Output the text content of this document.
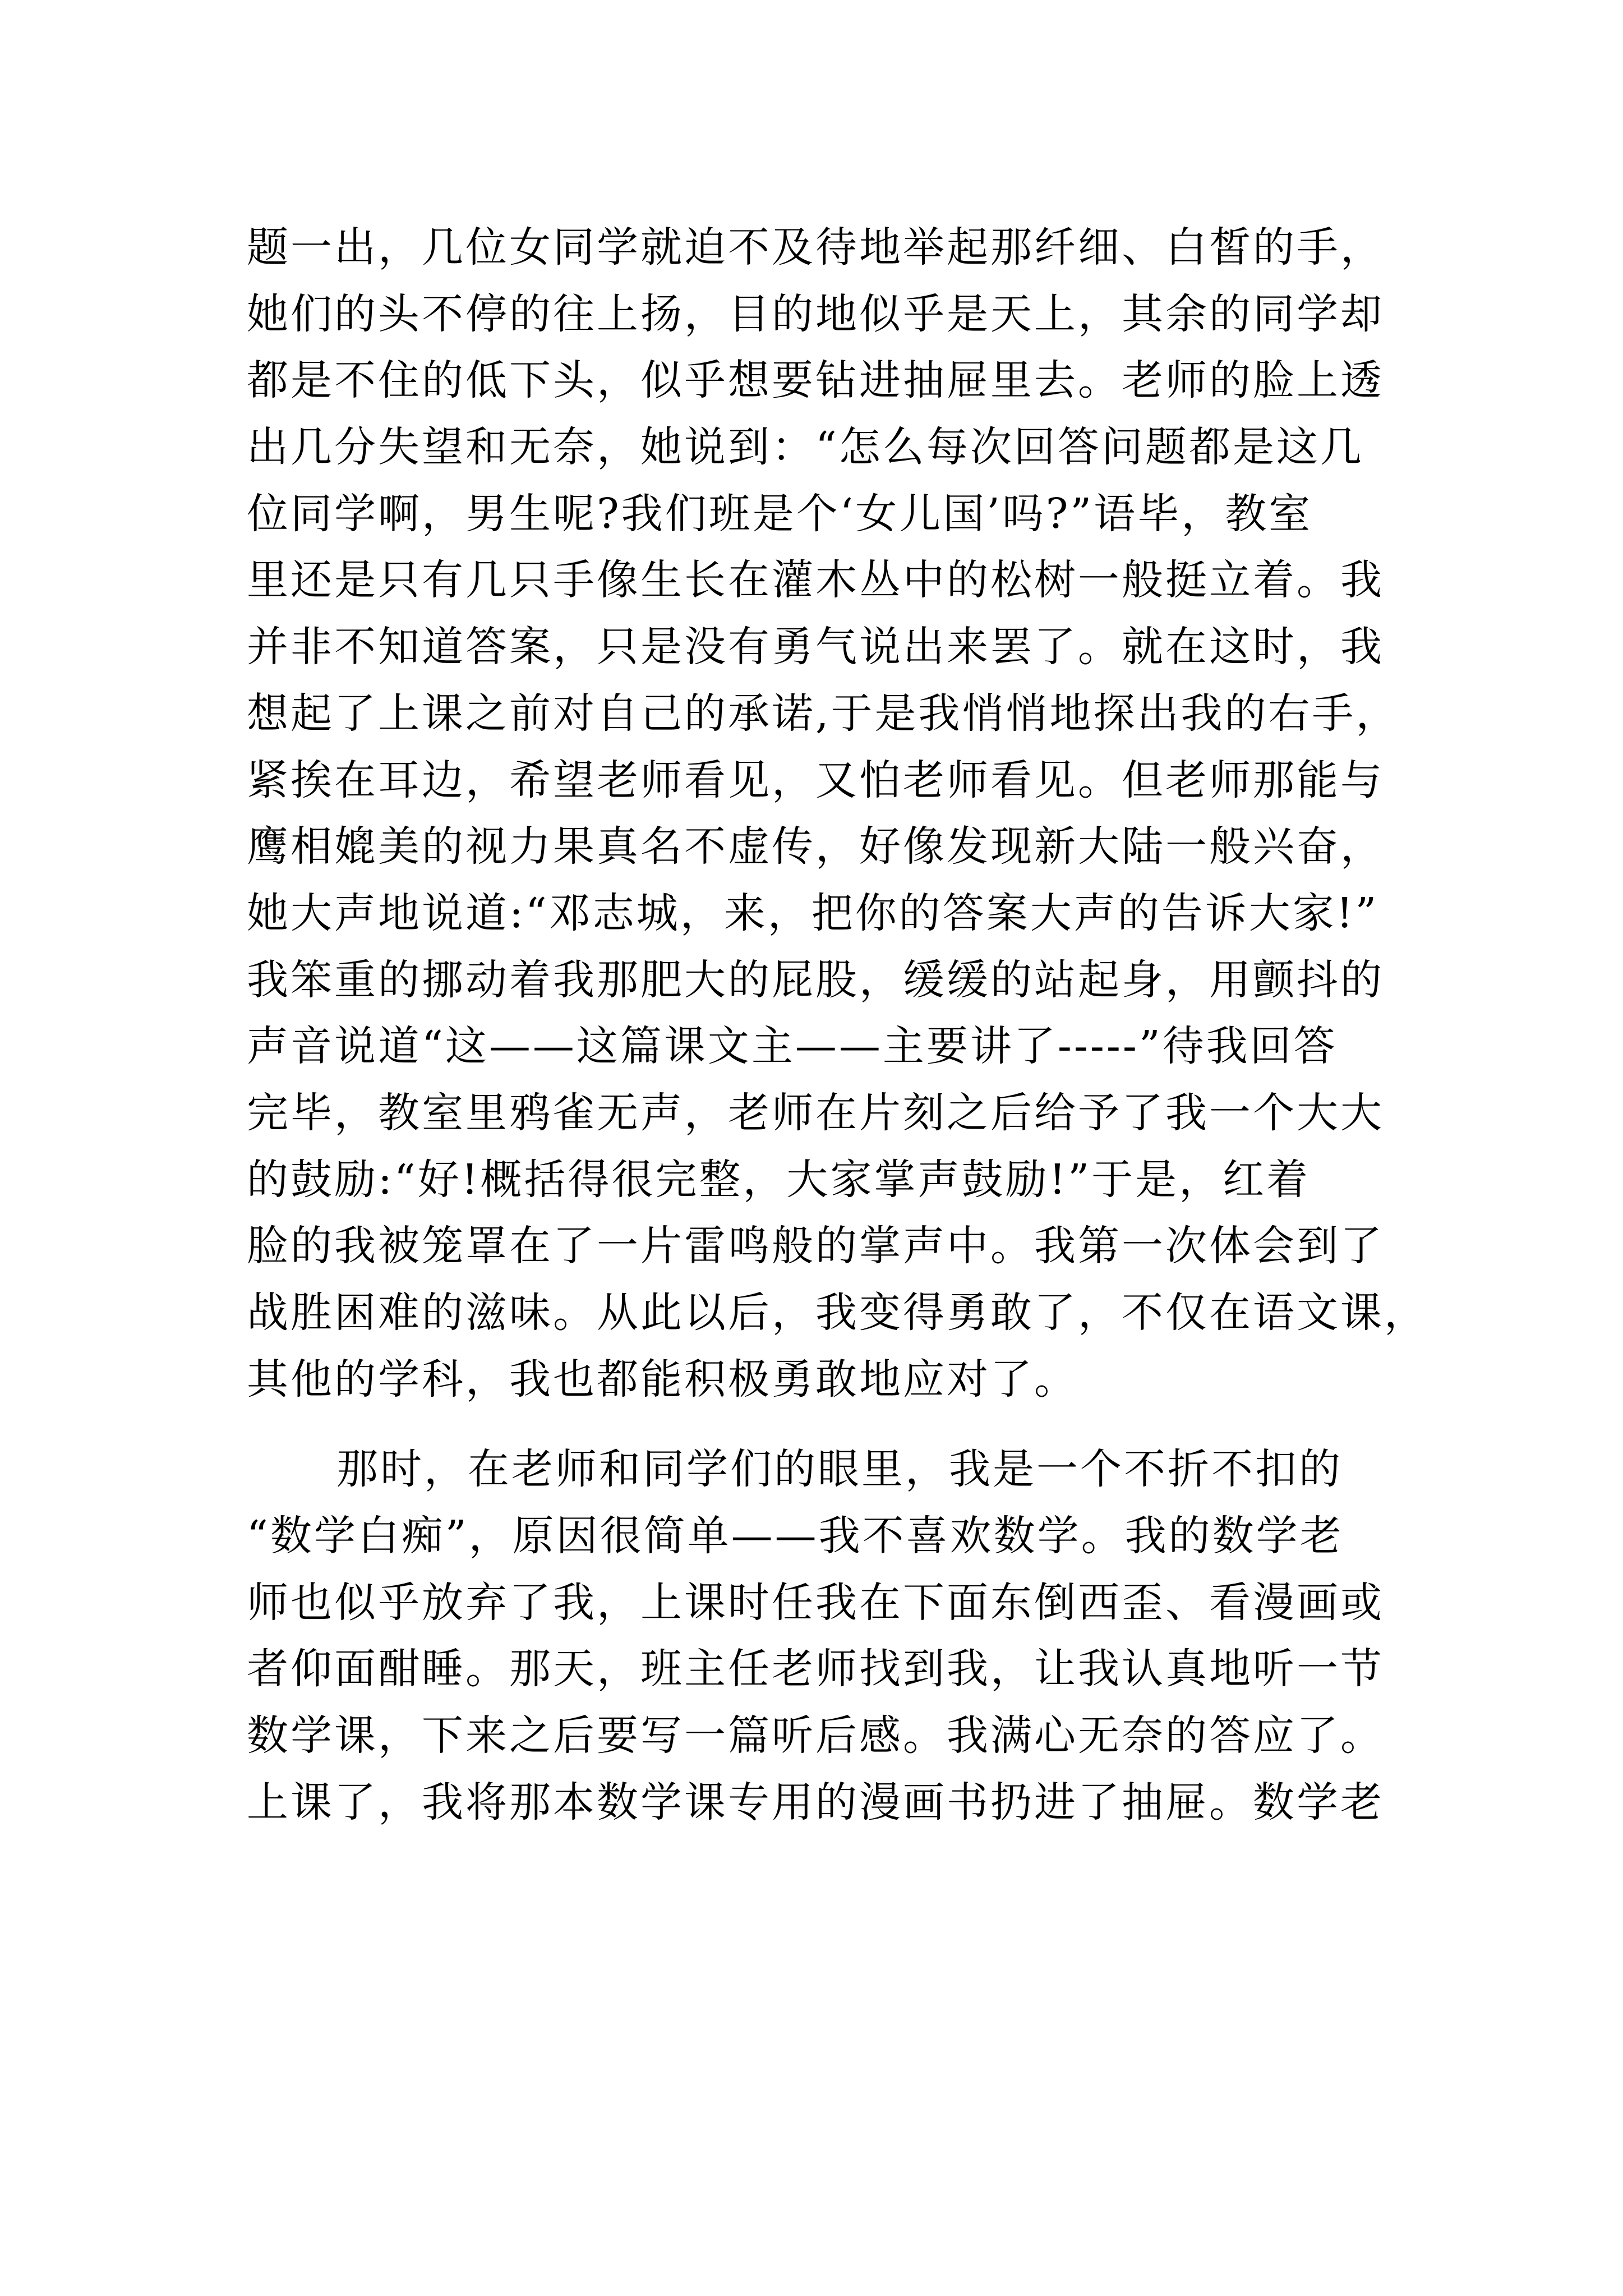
题一出，几位女同学就迫不及待地举起那纤细、白皙的手，
她们的头不停的往上扬，目的地似乎是天上，其余的同学却
都是不住的低下头，似乎想要钻进抽屉里去。老师的脸上透
出几分失望和无奈，她说到：“怎么每次回答问题都是这几
位同学啊，男生呢?我们班是个‘女儿国’吗?”语毕，教室
里还是只有几只手像生长在灌木丛中的松树一般挺立着。我
并非不知道答案，只是没有勇气说出来罢了。就在这时，我
想起了上课之前对自己的承诺,于是我悄悄地探出我的右手，
紧挨在耳边，希望老师看见，又怕老师看见。但老师那能与
鹰相媲美的视力果真名不虚传，好像发现新大陆一般兴奋，
她大声地说道:“邓志城，来，把你的答案大声的告诉大家!”
我笨重的挪动着我那肥大的屁股，缓缓的站起身，用颤抖的
声音说道“这——这篇课文主——主要讲了-----”待我回答
完毕，教室里鸦雀无声，老师在片刻之后给予了我一个大大
的鼓励:“好!概括得很完整，大家掌声鼓励!”于是，红着
脸的我被笼罩在了一片雷鸣般的掌声中。我第一次体会到了
战胜困难的滋味。从此以后，我变得勇敢了，不仅在语文课，
其他的学科，我也都能积极勇敢地应对了。
那时，在老师和同学们的眼里，我是一个不折不扣的
“数学白痴”，原因很简单——我不喜欢数学。我的数学老
师也似乎放弃了我，上课时任我在下面东倒西歪、看漫画或
者仰面酣睡。那天，班主任老师找到我，让我认真地听一节
数学课，下来之后要写一篇听后感。我满心无奈的答应了。
上课了，我将那本数学课专用的漫画书扔进了抽屉。数学老
